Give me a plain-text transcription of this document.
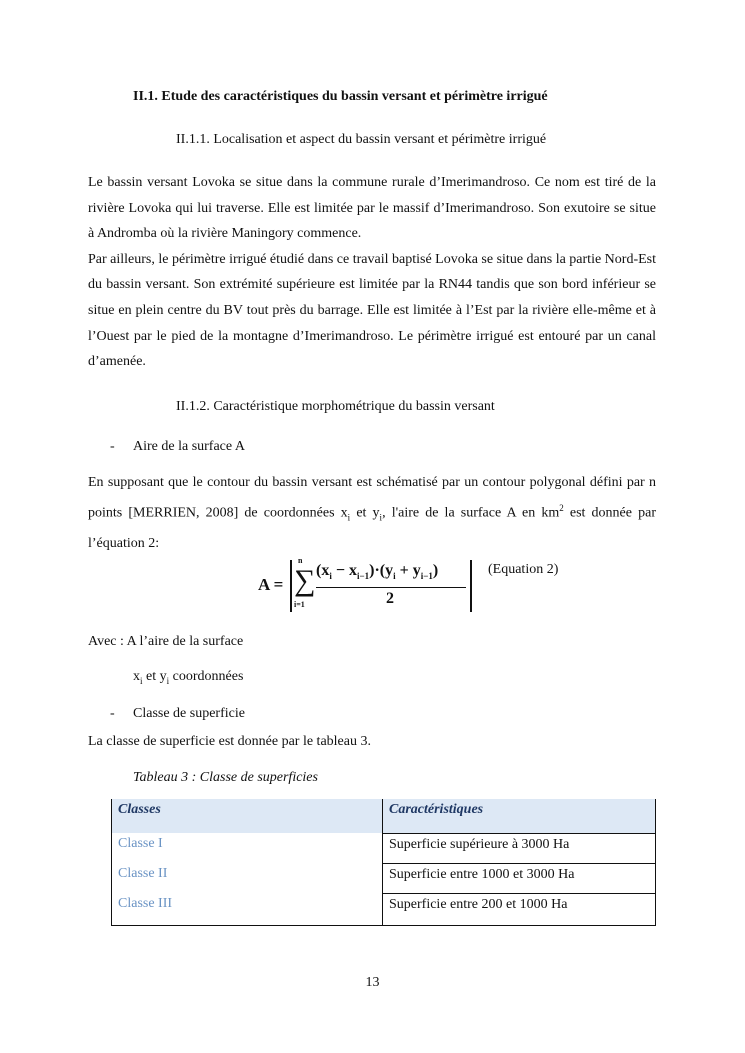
II.1. Etude des caractéristiques du bassin versant et périmètre irrigué
II.1.1. Localisation et aspect du bassin versant et périmètre irrigué

Le bassin versant Lovoka se situe dans la commune rurale d’Imerimandroso. Ce nom est tiré de la rivière Lovoka qui lui traverse. Elle est limitée par le massif d’Imerimandroso. Son exutoire se situe à Andromba où la rivière Maningory commence.

Par ailleurs, le périmètre irrigué étudié dans ce travail baptisé Lovoka se situe dans la partie Nord-Est du bassin versant. Son extrémité supérieure est limitée par la RN44 tandis que son bord inférieur se situe en plein centre du BV tout près du barrage. Elle est limitée à l’Est par la rivière elle-même et à l’Ouest par le pied de la montagne d’Imerimandroso. Le périmètre irrigué est entouré par un canal d’amenée.

II.1.2. Caractéristique morphométrique du bassin versant
- Aire de la surface A
En supposant que le contour du bassin versant est schématisé par un contour polygonal défini par n points [MERRIEN, 2008] de coordonnées $x_i$ et $y_i$, l'aire de la surface A en $km^2$ est donnée par l’équation 2:
A =
n
∑
i=1
$(x_i - x_{i-1})\cdot(y_i + y_{i-1})$
2
(Equation 2)
Avec : A l’aire de la surface
$x_i$ et $y_i$ coordonnées
- Classe de superficie
La classe de superficie est donnée par le tableau 3.
Tableau 3 : Classe de superficies
Classes	Caractéristiques
Classe I	Superficie supérieure à 3000 Ha
Classe II	Superficie entre 1000 et 3000 Ha
Classe III	Superficie entre 200 et 1000 Ha
13
